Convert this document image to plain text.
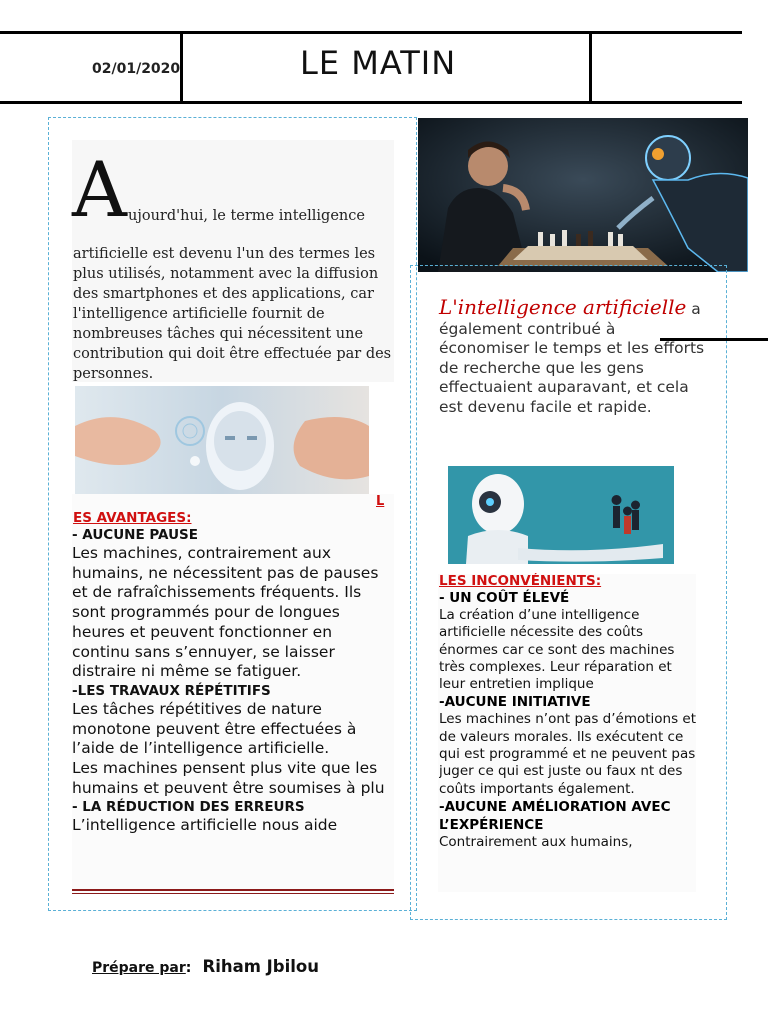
02/01/2020	LE MATIN
A ujourd'hui, le terme intelligence
artificielle est devenu l'un des termes les plus utilisés, notamment avec la diffusion des smartphones et des applications, car l'intelligence artificielle fournit de nombreuses tâches qui nécessitent une contribution qui doit être effectuée par des personnes.
L
ES AVANTAGES:
- AUCUNE PAUSE
Les machines, contrairement aux humains, ne nécessitent pas de pauses et de rafraîchissements fréquents. Ils sont programmés pour de longues heures et peuvent fonctionner en continu sans s’ennuyer, se laisser distraire ni même se fatiguer.
-LES TRAVAUX RÉPÉTITIFS
Les tâches répétitives de nature monotone peuvent être effectuées à l’aide de l’intelligence artificielle.
Les machines pensent plus vite que les humains et peuvent être soumises à plu
- LA RÉDUCTION DES ERREURS
L’intelligence artificielle nous aide
L'intelligence artificielle a également contribué à économiser le temps et les efforts de recherche que les gens effectuaient auparavant, et cela est devenu facile et rapide.
LES INCONVÉNIENTS:
- UN COÛT ÉLEVÉ
La création d’une intelligence artificielle nécessite des coûts énormes car ce sont des machines très complexes. Leur réparation et leur entretien implique
-AUCUNE INITIATIVE
Les machines n’ont pas d’émotions et de valeurs morales. Ils exécutent ce qui est programmé et ne peuvent pas juger ce qui est juste ou faux nt des coûts importants également.
-AUCUNE AMÉLIORATION AVEC L’EXPÉRIENCE
Contrairement aux humains,
Prépare par: Riham Jbilou
